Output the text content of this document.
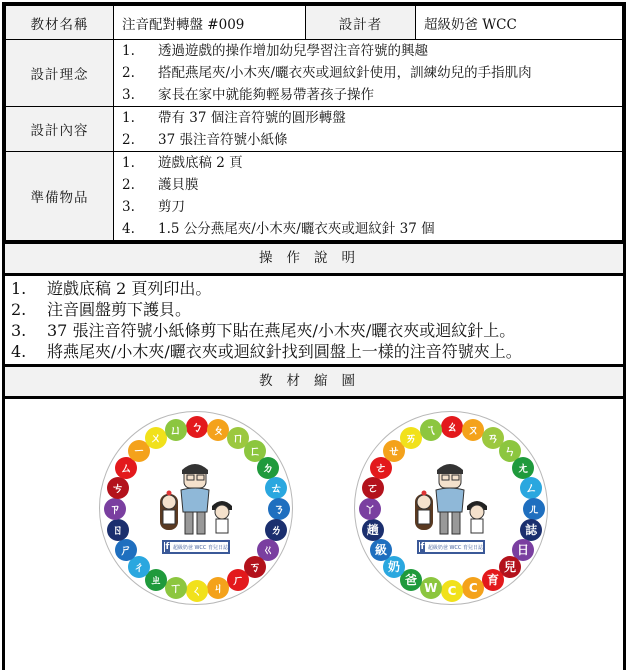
教材名稱	注音配對轉盤 #009	設計者	超級奶爸 WCC
設計理念	
1.	透過遊戲的操作增加幼兒學習注音符號的興趣
2.	搭配燕尾夾/小木夾/曬衣夾或迴紋針使用，訓練幼兒的手指肌肉
3.	家長在家中就能夠輕易帶著孩子操作

設計內容	
1.	帶有 37 個注音符號的圓形轉盤
2.	37 張注音符號小紙條

準備物品	
1.	遊戲底稿 2 頁
2.	護貝膜
3.	剪刀
4.	1.5 公分燕尾夾/小木夾/曬衣夾或迴紋針 37 個
操作說明
1.	遊戲底稿 2 頁列印出。
2.	注音圓盤剪下護貝。
3.	37 張注音符號小紙條剪下貼在燕尾夾/小木夾/曬衣夾或迴紋針上。
4.	將燕尾夾/小木夾/曬衣夾或迴紋針找到圓盤上一樣的注音符號夾上。
教材縮圖
f 超級奶爸 WCC 育兒日誌
ㄅ ㄆ
ㄇ
ㄈ
ㄉ
ㄊ
ㄋ
ㄌ
ㄍ
ㄎ
ㄏ
ㄐ
ㄑ
ㄒ
ㄓ
ㄔ
ㄕ
ㄖ
ㄗ
ㄘ
ㄙ
ㄧ
ㄨ
ㄩ
f 超級奶爸 WCC 育兒日誌
ㄠ ㄡ
ㄢ
ㄣ
ㄤ
ㄥ
ㄦ
誌
日
兒
育
C
C
W
爸
奶
級
趟
ㄚ
ㄛ
ㄜ
ㄝ
ㄞ
ㄟ
